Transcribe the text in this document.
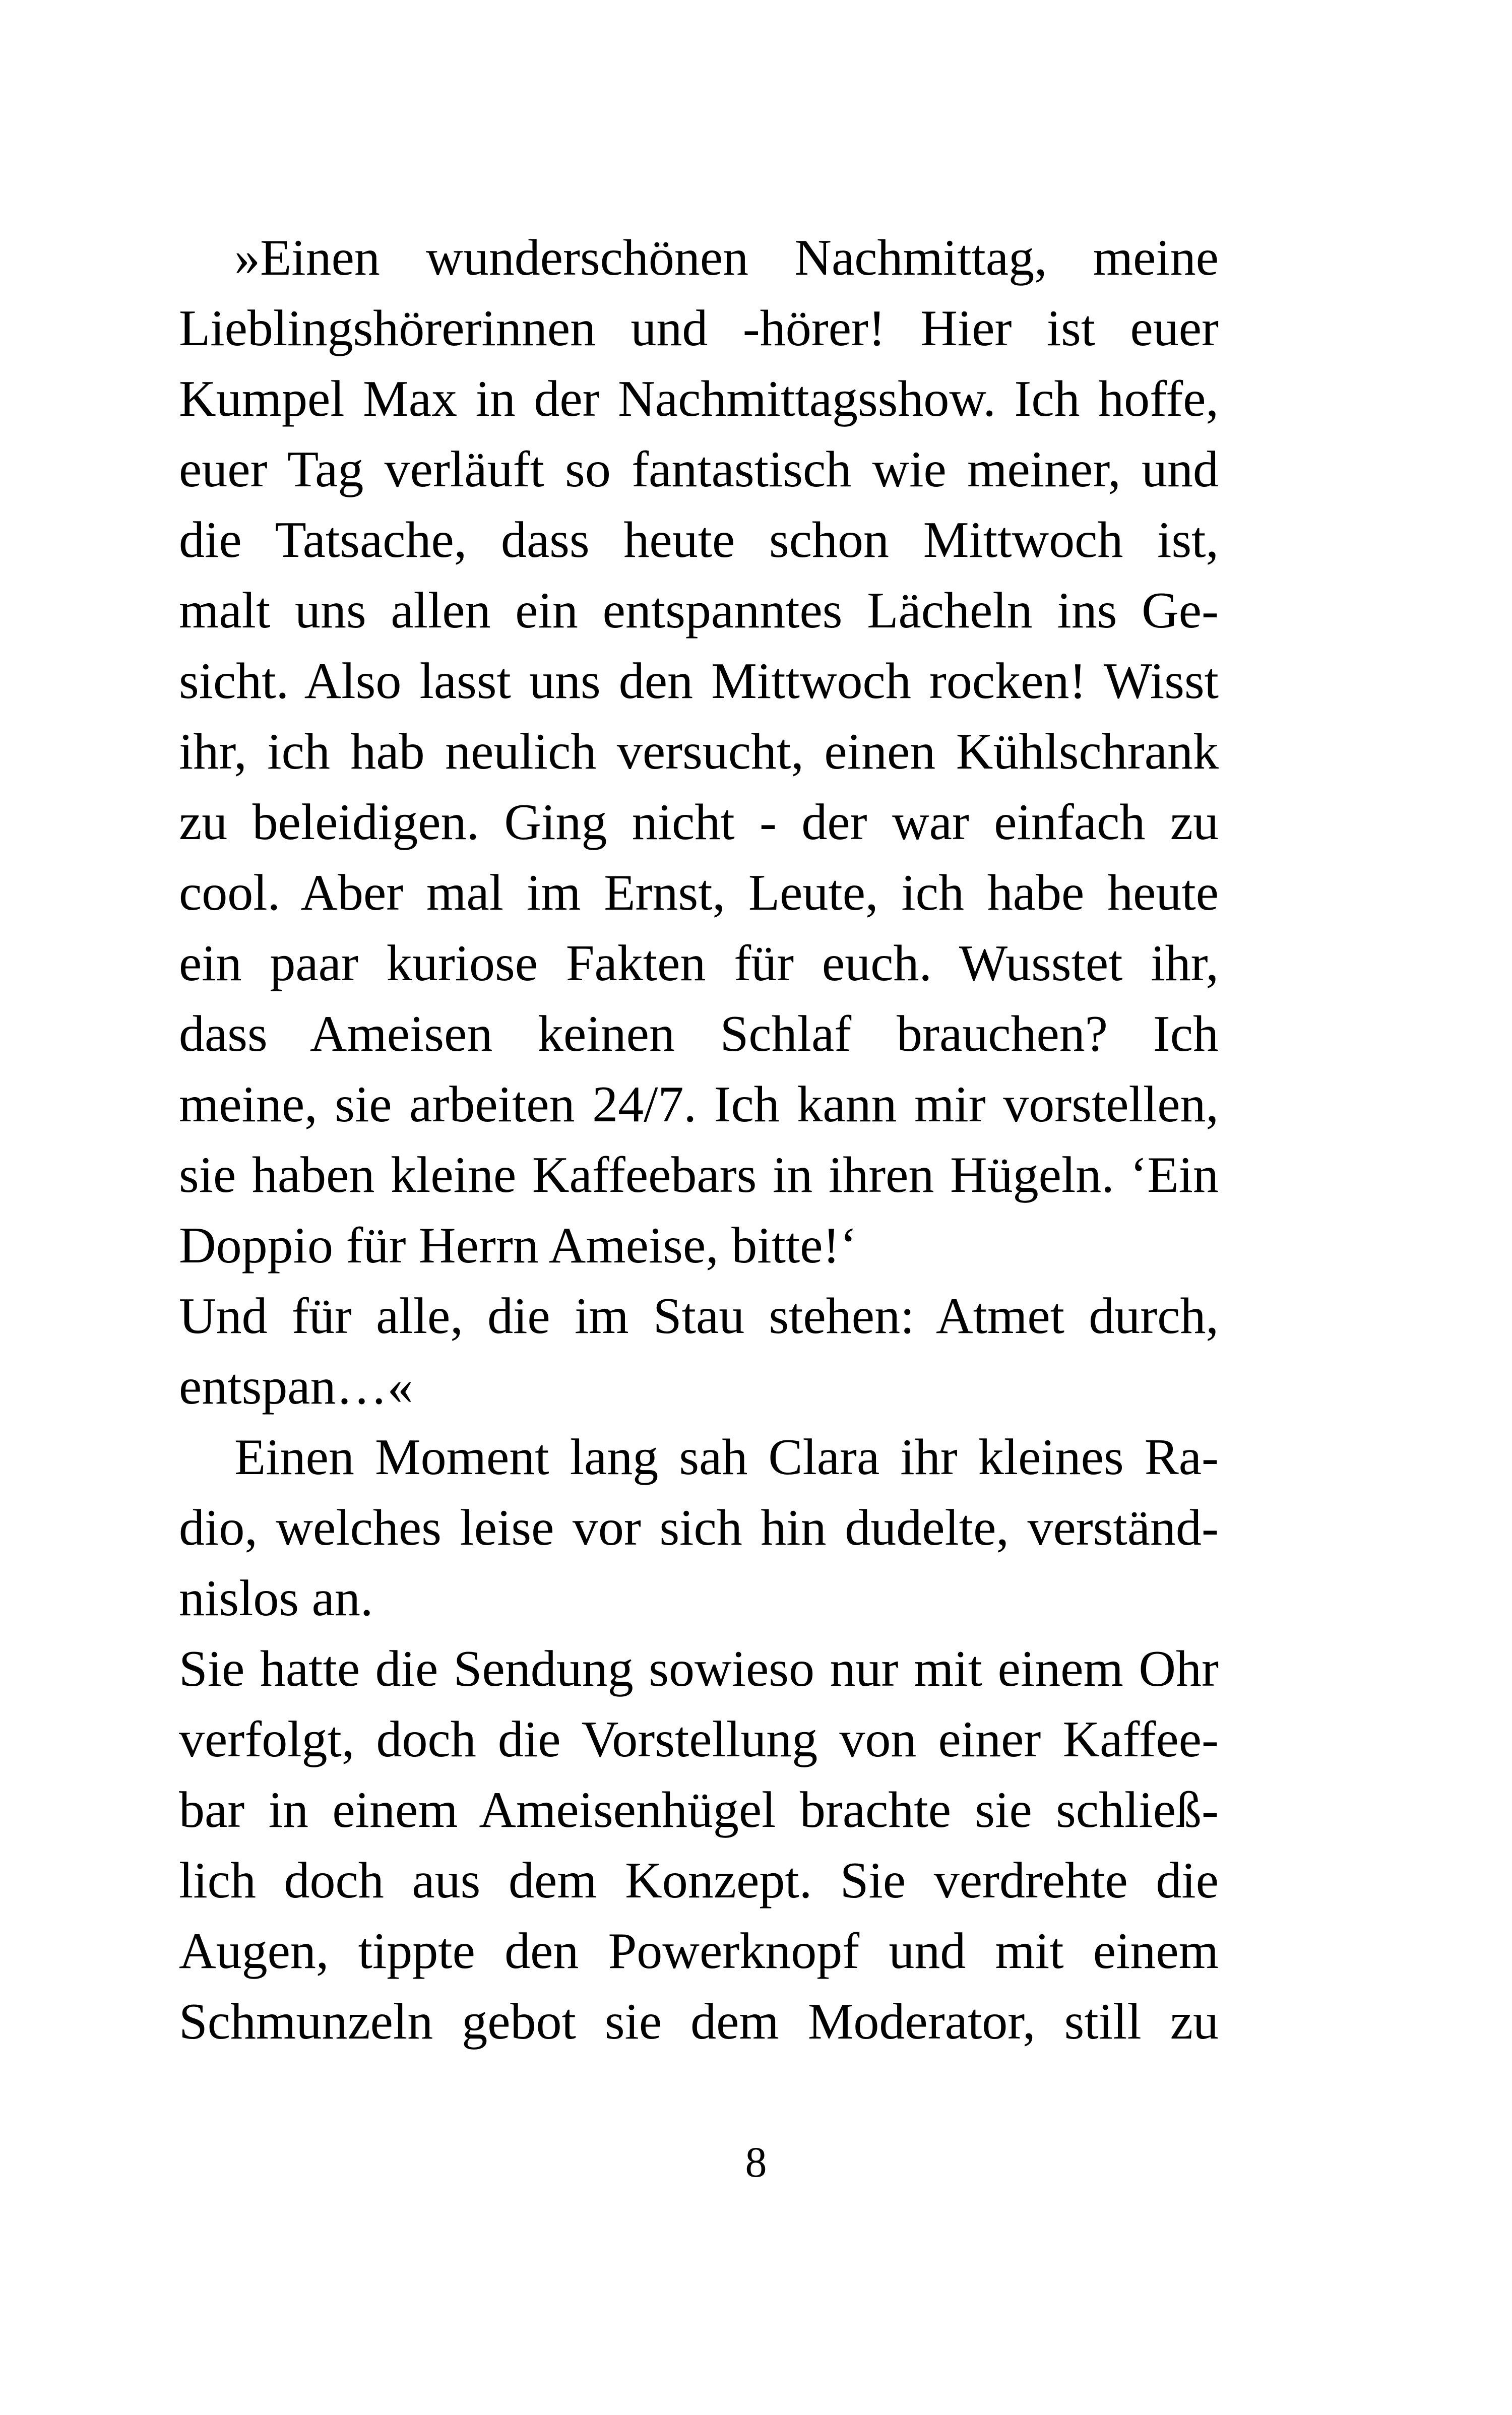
»Einen wunderschönen Nachmittag, meine
Lieblingshörerinnen und -hörer! Hier ist euer
Kumpel Max in der Nachmittagsshow. Ich hoffe,
euer Tag verläuft so fantastisch wie meiner, und
die Tatsache, dass heute schon Mittwoch ist,
malt uns allen ein entspanntes Lächeln ins Ge-
sicht. Also lasst uns den Mittwoch rocken! Wisst
ihr, ich hab neulich versucht, einen Kühlschrank
zu beleidigen. Ging nicht - der war einfach zu
cool. Aber mal im Ernst, Leute, ich habe heute
ein paar kuriose Fakten für euch. Wusstet ihr,
dass Ameisen keinen Schlaf brauchen? Ich
meine, sie arbeiten 24/7. Ich kann mir vorstellen,
sie haben kleine Kaffeebars in ihren Hügeln. ‘Ein
Doppio für Herrn Ameise, bitte!‘
Und für alle, die im Stau stehen: Atmet durch,
entspan…«
Einen Moment lang sah Clara ihr kleines Ra-
dio, welches leise vor sich hin dudelte, verständ-
nislos an.
Sie hatte die Sendung sowieso nur mit einem Ohr
verfolgt, doch die Vorstellung von einer Kaffee-
bar in einem Ameisenhügel brachte sie schließ-
lich doch aus dem Konzept. Sie verdrehte die
Augen, tippte den Powerknopf und mit einem
Schmunzeln gebot sie dem Moderator, still zu
8
